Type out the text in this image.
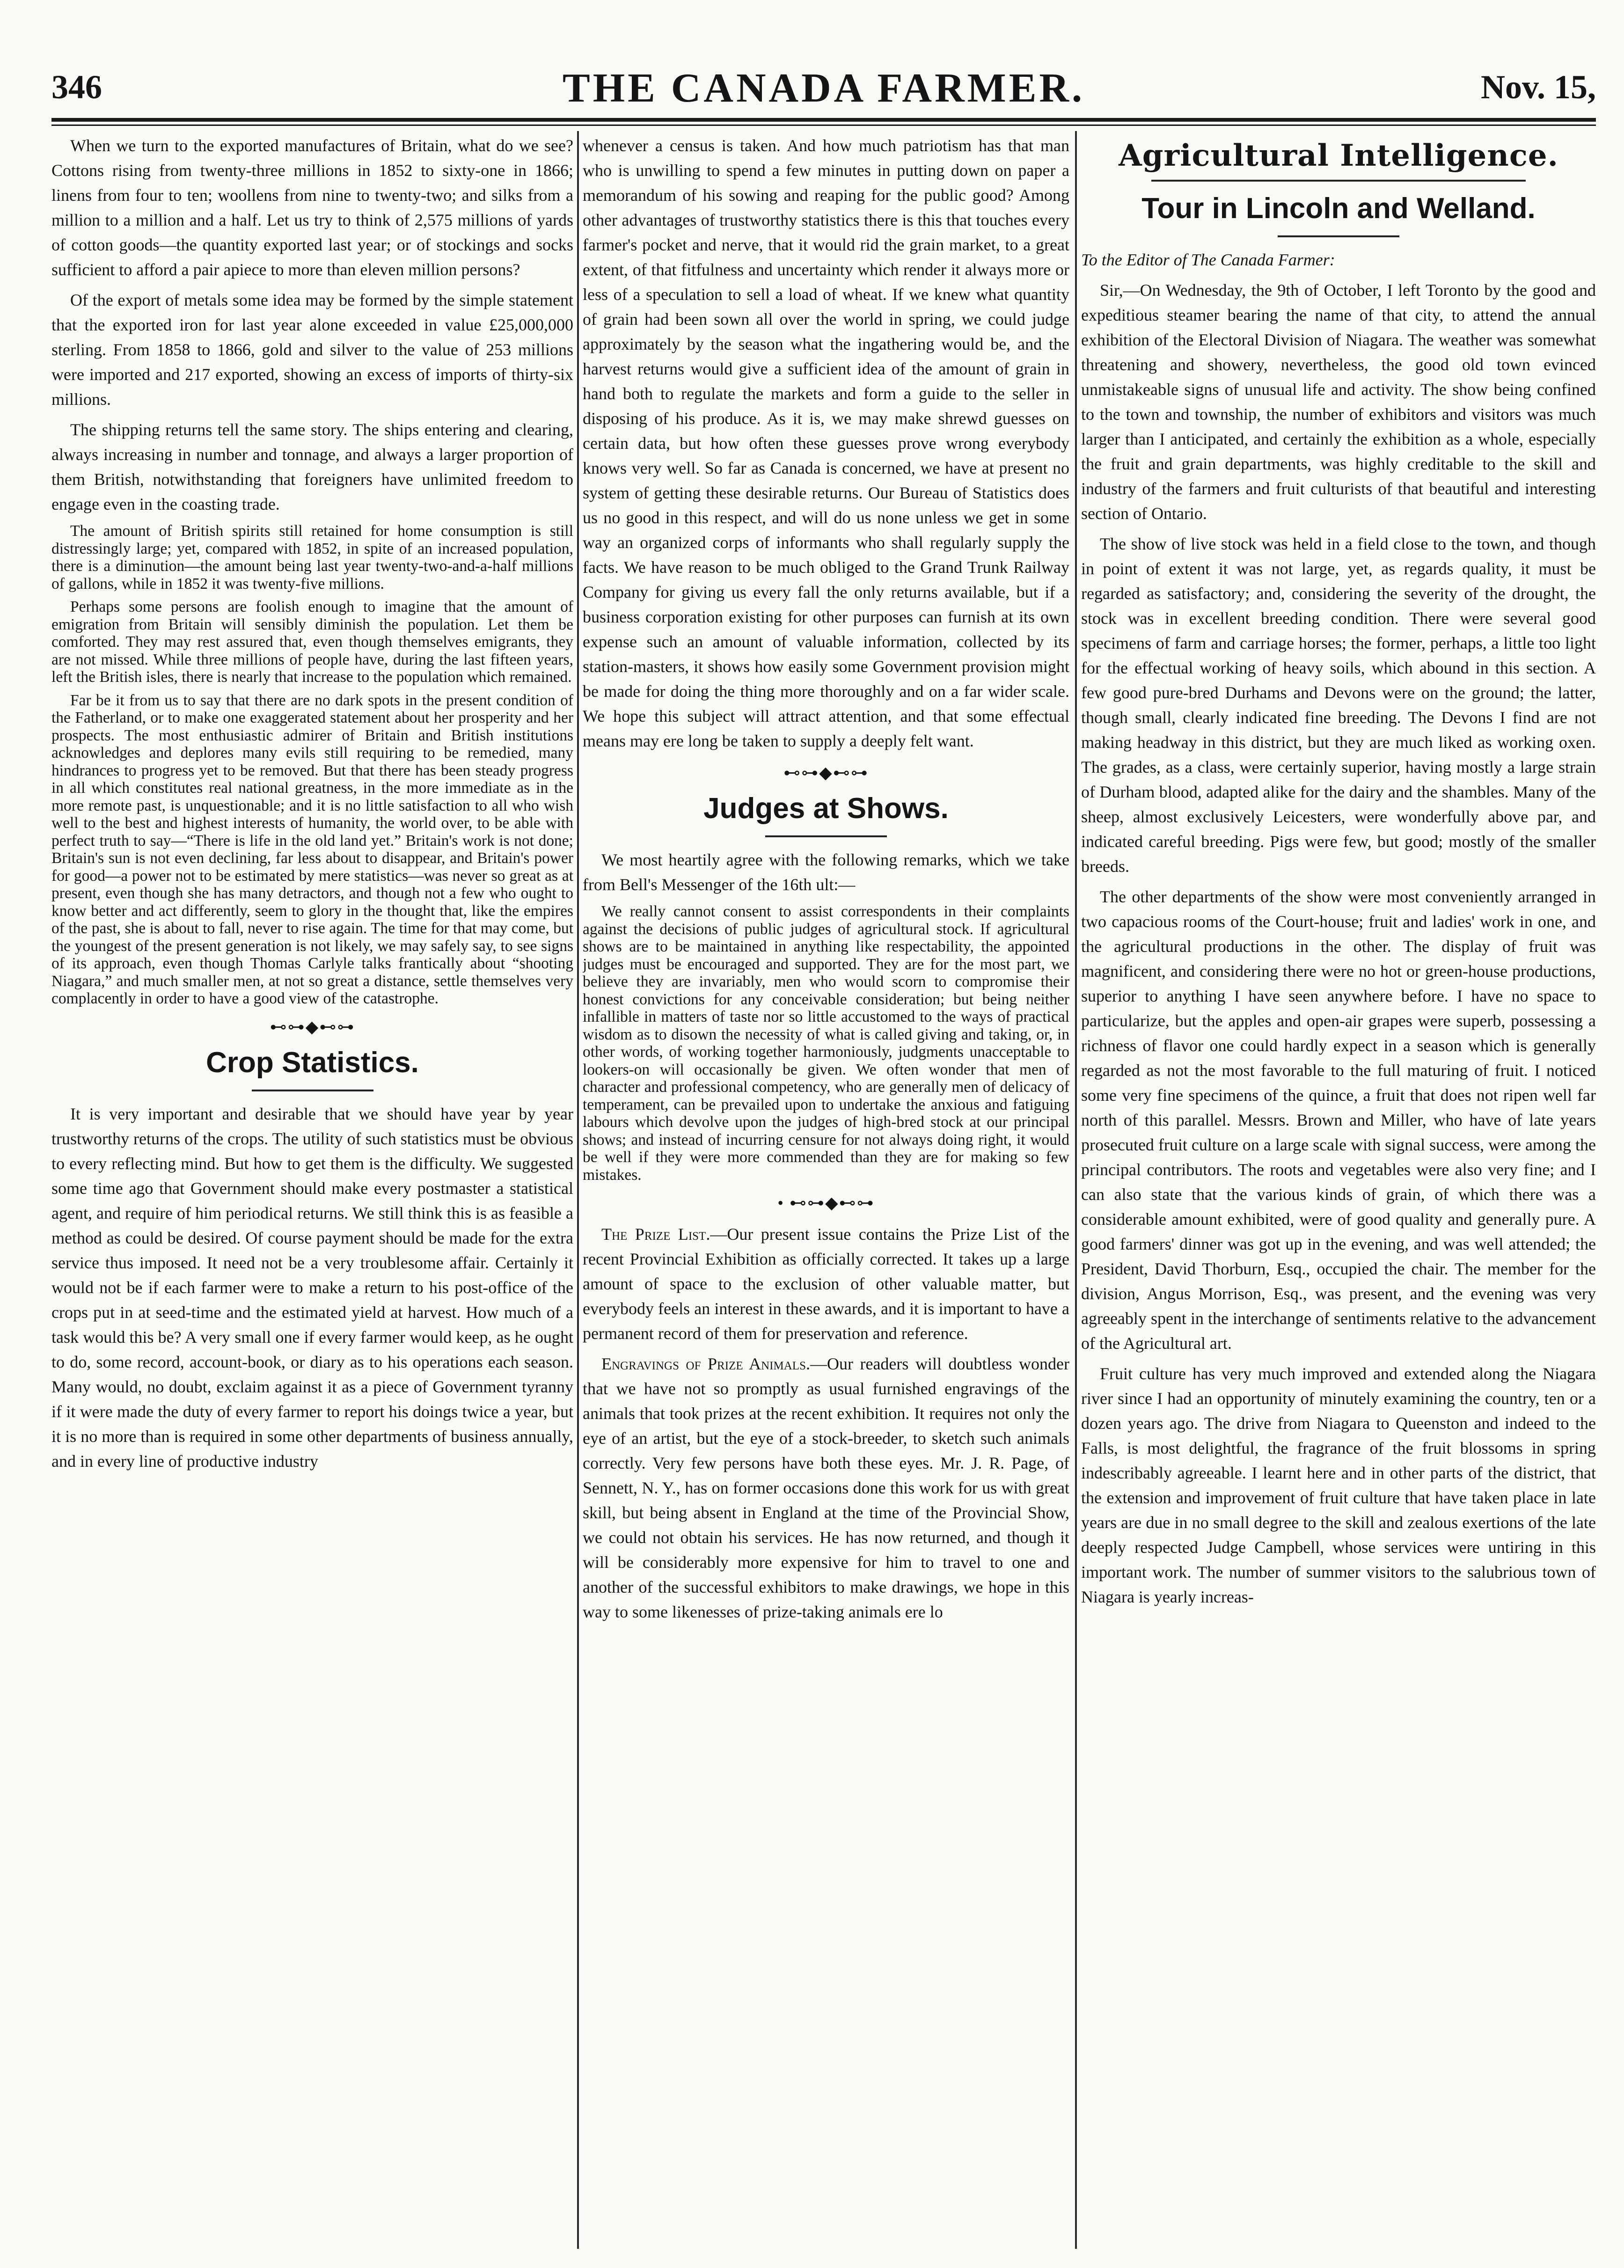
346	THE CANADA FARMER.	Nov. 15,

When we turn to the exported manufactures of Britain, what do we see? Cottons rising from twenty-three millions in 1852 to sixty-one in 1866; linens from four to ten; woollens from nine to twenty-two; and silks from a million to a million and a half. Let us try to think of 2,575 millions of yards of cotton goods—the quantity exported last year; or of stockings and socks sufficient to afford a pair apiece to more than eleven million persons?

Of the export of metals some idea may be formed by the simple statement that the exported iron for last year alone exceeded in value £25,000,000 sterling. From 1858 to 1866, gold and silver to the value of 253 millions were imported and 217 exported, showing an excess of imports of thirty-six millions.

The shipping returns tell the same story. The ships entering and clearing, always increasing in number and tonnage, and always a larger proportion of them British, notwithstanding that foreigners have unlimited freedom to engage even in the coasting trade.

The amount of British spirits still retained for home consumption is still distressingly large; yet, compared with 1852, in spite of an increased population, there is a diminution—the amount being last year twenty-two-and-a-half millions of gallons, while in 1852 it was twenty-five millions.

Perhaps some persons are foolish enough to imagine that the amount of emigration from Britain will sensibly diminish the population. Let them be comforted. They may rest assured that, even though themselves emigrants, they are not missed. While three millions of people have, during the last fifteen years, left the British isles, there is nearly that increase to the population which remained.

Far be it from us to say that there are no dark spots in the present condition of the Fatherland, or to make one exaggerated statement about her prosperity and her prospects. The most enthusiastic admirer of Britain and British institutions acknowledges and deplores many evils still requiring to be remedied, many hindrances to progress yet to be removed. But that there has been steady progress in all which constitutes real national greatness, in the more immediate as in the more remote past, is unquestionable; and it is no little satisfaction to all who wish well to the best and highest interests of humanity, the world over, to be able with perfect truth to say—“There is life in the old land yet.” Britain's work is not done; Britain's sun is not even declining, far less about to disappear, and Britain's power for good—a power not to be estimated by mere statistics—was never so great as at present, even though she has many detractors, and though not a few who ought to know better and act differently, seem to glory in the thought that, like the empires of the past, she is about to fall, never to rise again. The time for that may come, but the youngest of the present generation is not likely, we may safely say, to see signs of its approach, even though Thomas Carlyle talks frantically about “shooting Niagara,” and much smaller men, at not so great a distance, settle themselves very complacently in order to have a good view of the catastrophe.

⊷⊶◆⊷⊶
Crop Statistics.

It is very important and desirable that we should have year by year trustworthy returns of the crops. The utility of such statistics must be obvious to every reflecting mind. But how to get them is the difficulty. We suggested some time ago that Government should make every postmaster a statistical agent, and require of him periodical returns. We still think this is as feasible a method as could be desired. Of course payment should be made for the extra service thus imposed. It need not be a very troublesome affair. Certainly it would not be if each farmer were to make a return to his post-office of the crops put in at seed-time and the estimated yield at harvest. How much of a task would this be? A very small one if every farmer would keep, as he ought to do, some record, account-book, or diary as to his operations each season. Many would, no doubt, exclaim against it as a piece of Government tyranny if it were made the duty of every farmer to report his doings twice a year, but it is no more than is required in some other departments of business annually, and in every line of productive industry

whenever a census is taken. And how much patriotism has that man who is unwilling to spend a few minutes in putting down on paper a memorandum of his sowing and reaping for the public good? Among other advantages of trustworthy statistics there is this that touches every farmer's pocket and nerve, that it would rid the grain market, to a great extent, of that fitfulness and uncertainty which render it always more or less of a speculation to sell a load of wheat. If we knew what quantity of grain had been sown all over the world in spring, we could judge approximately by the season what the ingathering would be, and the harvest returns would give a sufficient idea of the amount of grain in hand both to regulate the markets and form a guide to the seller in disposing of his produce. As it is, we may make shrewd guesses on certain data, but how often these guesses prove wrong everybody knows very well. So far as Canada is concerned, we have at present no system of getting these desirable returns. Our Bureau of Statistics does us no good in this respect, and will do us none unless we get in some way an organized corps of informants who shall regularly supply the facts. We have reason to be much obliged to the Grand Trunk Railway Company for giving us every fall the only returns available, but if a business corporation existing for other purposes can furnish at its own expense such an amount of valuable information, collected by its station-masters, it shows how easily some Government provision might be made for doing the thing more thoroughly and on a far wider scale. We hope this subject will attract attention, and that some effectual means may ere long be taken to supply a deeply felt want.

⊷⊶◆⊷⊶
Judges at Shows.

We most heartily agree with the following remarks, which we take from Bell's Messenger of the 16th ult:—

We really cannot consent to assist correspondents in their complaints against the decisions of public judges of agricultural stock. If agricultural shows are to be maintained in anything like respectability, the appointed judges must be encouraged and supported. They are for the most part, we believe they are invariably, men who would scorn to compromise their honest convictions for any conceivable consideration; but being neither infallible in matters of taste nor so little accustomed to the ways of practical wisdom as to disown the necessity of what is called giving and taking, or, in other words, of working together harmoniously, judgments unacceptable to lookers-on will occasionally be given. We often wonder that men of character and professional competency, who are generally men of delicacy of temperament, can be prevailed upon to undertake the anxious and fatiguing labours which devolve upon the judges of high-bred stock at our principal shows; and instead of incurring censure for not always doing right, it would be well if they were more commended than they are for making so few mistakes.

• ⊷⊶◆⊷⊶

The Prize List.—Our present issue contains the Prize List of the recent Provincial Exhibition as officially corrected. It takes up a large amount of space to the exclusion of other valuable matter, but everybody feels an interest in these awards, and it is important to have a permanent record of them for preservation and reference.

Engravings of Prize Animals.—Our readers will doubtless wonder that we have not so promptly as usual furnished engravings of the animals that took prizes at the recent exhibition. It requires not only the eye of an artist, but the eye of a stock-breeder, to sketch such animals correctly. Very few persons have both these eyes. Mr. J. R. Page, of Sennett, N. Y., has on former occasions done this work for us with great skill, but being absent in England at the time of the Provincial Show, we could not obtain his services. He has now returned, and though it will be considerably more expensive for him to travel to one and another of the successful exhibitors to make drawings, we hope in this way to some likenesses of prize-taking animals ere lo

Agricultural Intelligence.
Tour in Lincoln and Welland.

To the Editor of The Canada Farmer:

Sir,—On Wednesday, the 9th of October, I left Toronto by the good and expeditious steamer bearing the name of that city, to attend the annual exhibition of the Electoral Division of Niagara. The weather was somewhat threatening and showery, nevertheless, the good old town evinced unmistakeable signs of unusual life and activity. The show being confined to the town and township, the number of exhibitors and visitors was much larger than I anticipated, and certainly the exhibition as a whole, especially the fruit and grain departments, was highly creditable to the skill and industry of the farmers and fruit culturists of that beautiful and interesting section of Ontario.

The show of live stock was held in a field close to the town, and though in point of extent it was not large, yet, as regards quality, it must be regarded as satisfactory; and, considering the severity of the drought, the stock was in excellent breeding condition. There were several good specimens of farm and carriage horses; the former, perhaps, a little too light for the effectual working of heavy soils, which abound in this section. A few good pure-bred Durhams and Devons were on the ground; the latter, though small, clearly indicated fine breeding. The Devons I find are not making headway in this district, but they are much liked as working oxen. The grades, as a class, were certainly superior, having mostly a large strain of Durham blood, adapted alike for the dairy and the shambles. Many of the sheep, almost exclusively Leicesters, were wonderfully above par, and indicated careful breeding. Pigs were few, but good; mostly of the smaller breeds.

The other departments of the show were most conveniently arranged in two capacious rooms of the Court-house; fruit and ladies' work in one, and the agricultural productions in the other. The display of fruit was magnificent, and considering there were no hot or green-house productions, superior to anything I have seen anywhere before. I have no space to particularize, but the apples and open-air grapes were superb, possessing a richness of flavor one could hardly expect in a season which is generally regarded as not the most favorable to the full maturing of fruit. I noticed some very fine specimens of the quince, a fruit that does not ripen well far north of this parallel. Messrs. Brown and Miller, who have of late years prosecuted fruit culture on a large scale with signal success, were among the principal contributors. The roots and vegetables were also very fine; and I can also state that the various kinds of grain, of which there was a considerable amount exhibited, were of good quality and generally pure. A good farmers' dinner was got up in the evening, and was well attended; the President, David Thorburn, Esq., occupied the chair. The member for the division, Angus Morrison, Esq., was present, and the evening was very agreeably spent in the interchange of sentiments relative to the advancement of the Agricultural art.

Fruit culture has very much improved and extended along the Niagara river since I had an opportunity of minutely examining the country, ten or a dozen years ago. The drive from Niagara to Queenston and indeed to the Falls, is most delightful, the fragrance of the fruit blossoms in spring indescribably agreeable. I learnt here and in other parts of the district, that the extension and improvement of fruit culture that have taken place in late years are due in no small degree to the skill and zealous exertions of the late deeply respected Judge Campbell, whose services were untiring in this important work. The number of summer visitors to the salubrious town of Niagara is yearly increas-
